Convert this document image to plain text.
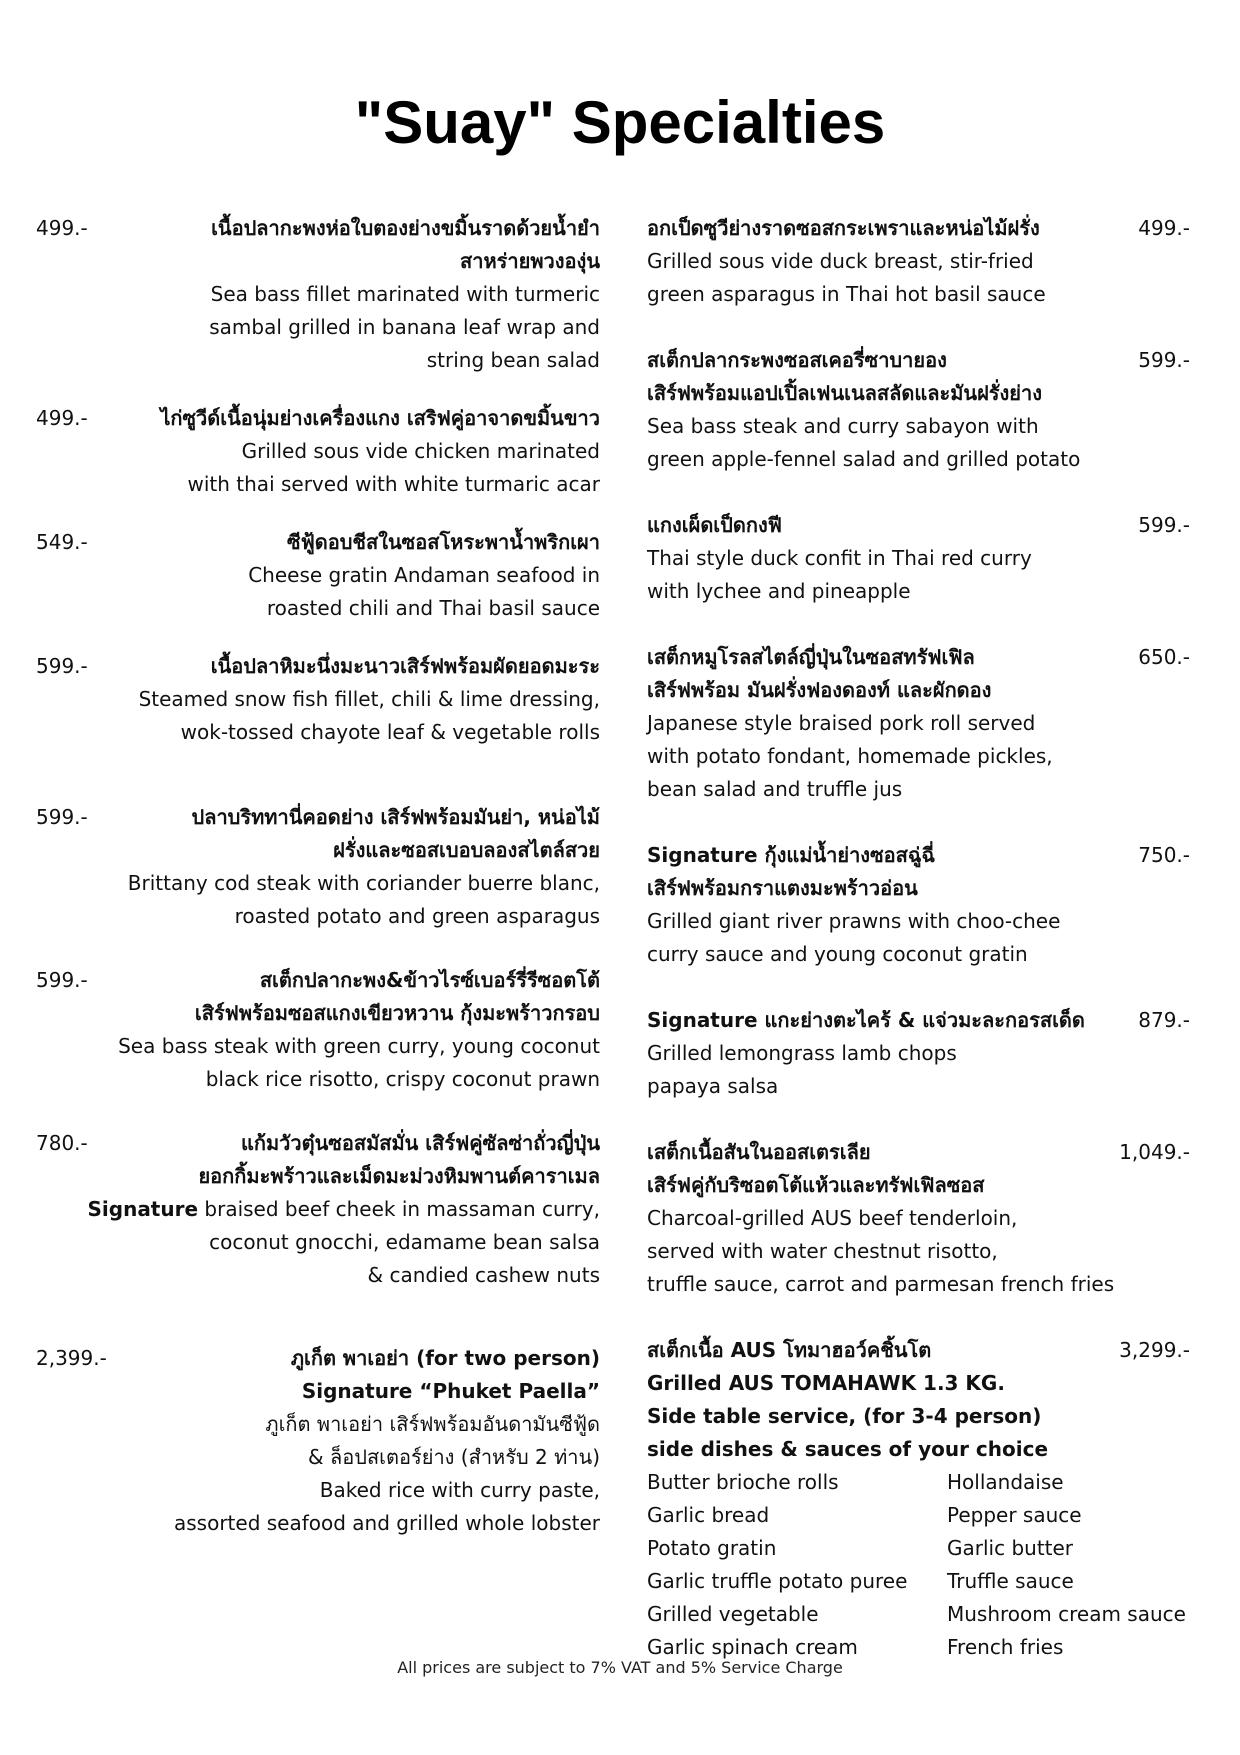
"Suay" Specialties
499.-	เนื้อปลากะพงห่อใบตองย่างขมิ้นราดด้วยน้ำยำ
สาหร่ายพวงองุ่น
Sea bass fillet marinated with turmeric
sambal grilled in banana leaf wrap and
string bean salad
499.-	ไก่ซูวีด์เนื้อนุ่มย่างเครื่องแกง เสริฟคู่อาจาดขมิ้นขาว
Grilled sous vide chicken marinated
with thai served with white turmaric acar
549.-	ซีฟู้ดอบชีสในซอสโหระพาน้ำพริกเผา
Cheese gratin Andaman seafood in
roasted chili and Thai basil sauce
599.-	เนื้อปลาหิมะนึ่งมะนาวเสิร์ฟพร้อมผัดยอดมะระ
Steamed snow fish fillet, chili & lime dressing,
wok-tossed chayote leaf & vegetable rolls
599.-	ปลาบริททานี่คอดย่าง เสิร์ฟพร้อมมันย่า, หน่อไม้
ฝรั่งและซอสเบอบลองสไตล์สวย
Brittany cod steak with coriander buerre blanc,
roasted potato and green asparagus
599.-	สเต็กปลากะพง&ข้าวไรซ์เบอร์รี่รีซอตโต้
เสิร์ฟพร้อมซอสแกงเขียวหวาน กุ้งมะพร้าวกรอบ
Sea bass steak with green curry, young coconut
black rice risotto, crispy coconut prawn
780.-	แก้มวัวตุ๋นซอสมัสมั่น เสิร์ฟคู่ซัลซ่าถั่วญี่ปุ่น
ยอกกิ้มะพร้าวและเม็ดมะม่วงหิมพานต์คาราเมล
Signature braised beef cheek in massaman curry,
coconut gnocchi, edamame bean salsa
& candied cashew nuts
2,399.-	ภูเก็ต พาเอย่า (for two person)
Signature “Phuket Paella”
ภูเก็ต พาเอย่า เสิร์ฟพร้อมอันดามันซีฟู้ด
& ล็อปสเตอร์ย่าง (สำหรับ 2 ท่าน)
Baked rice with curry paste,
assorted seafood and grilled whole lobster
499.-
อกเป็ดซูวีย่างราดซอสกระเพราและหน่อไม้ฝรั่ง
Grilled sous vide duck breast, stir-fried
green asparagus in Thai hot basil sauce
599.-
สเต็กปลากระพงซอสเคอรี่ซาบายอง
เสิร์ฟพร้อมแอปเปิ้ลเฟนเนลสลัดและมันฝรั่งย่าง
Sea bass steak and curry sabayon with
green apple-fennel salad and grilled potato
599.-
แกงเผ็ดเป็ดกงฟี
Thai style duck confit in Thai red curry
with lychee and pineapple
650.-
เสต็กหมูโรลสไตล์ญี่ปุ่นในซอสทรัฟเฟิล
เสิร์ฟพร้อม มันฝรั่งฟองดองท์ และผักดอง
Japanese style braised pork roll served
with potato fondant, homemade pickles,
bean salad and truffle jus
750.-
Signature กุ้งแม่น้ำย่างซอสฉู่ฉี่
เสิร์ฟพร้อมกราแตงมะพร้าวอ่อน
Grilled giant river prawns with choo-chee
curry sauce and young coconut gratin
879.-
Signature แกะย่างตะไคร้ & แจ่วมะละกอรสเด็ด
Grilled lemongrass lamb chops
papaya salsa
1,049.-
เสต็กเนื้อสันในออสเตรเลีย
เสิร์ฟคู่กับริซอตโต้แห้วและทรัฟเฟิลซอส
Charcoal-grilled AUS beef tenderloin,
served with water chestnut risotto,
truffle sauce, carrot and parmesan french fries
3,299.-
สเต็กเนื้อ AUS โทมาฮอว์คชิ้นโต
Grilled AUS TOMAHAWK 1.3 KG.
Side table service, (for 3-4 person)
side dishes & sauces of your choice
Butter brioche rolls	Hollandaise
Garlic bread	Pepper sauce
Potato gratin	Garlic butter
Garlic truffle potato puree	Truffle sauce
Grilled vegetable	Mushroom cream sauce
Garlic spinach cream	French fries
All prices are subject to 7% VAT and 5% Service Charge
